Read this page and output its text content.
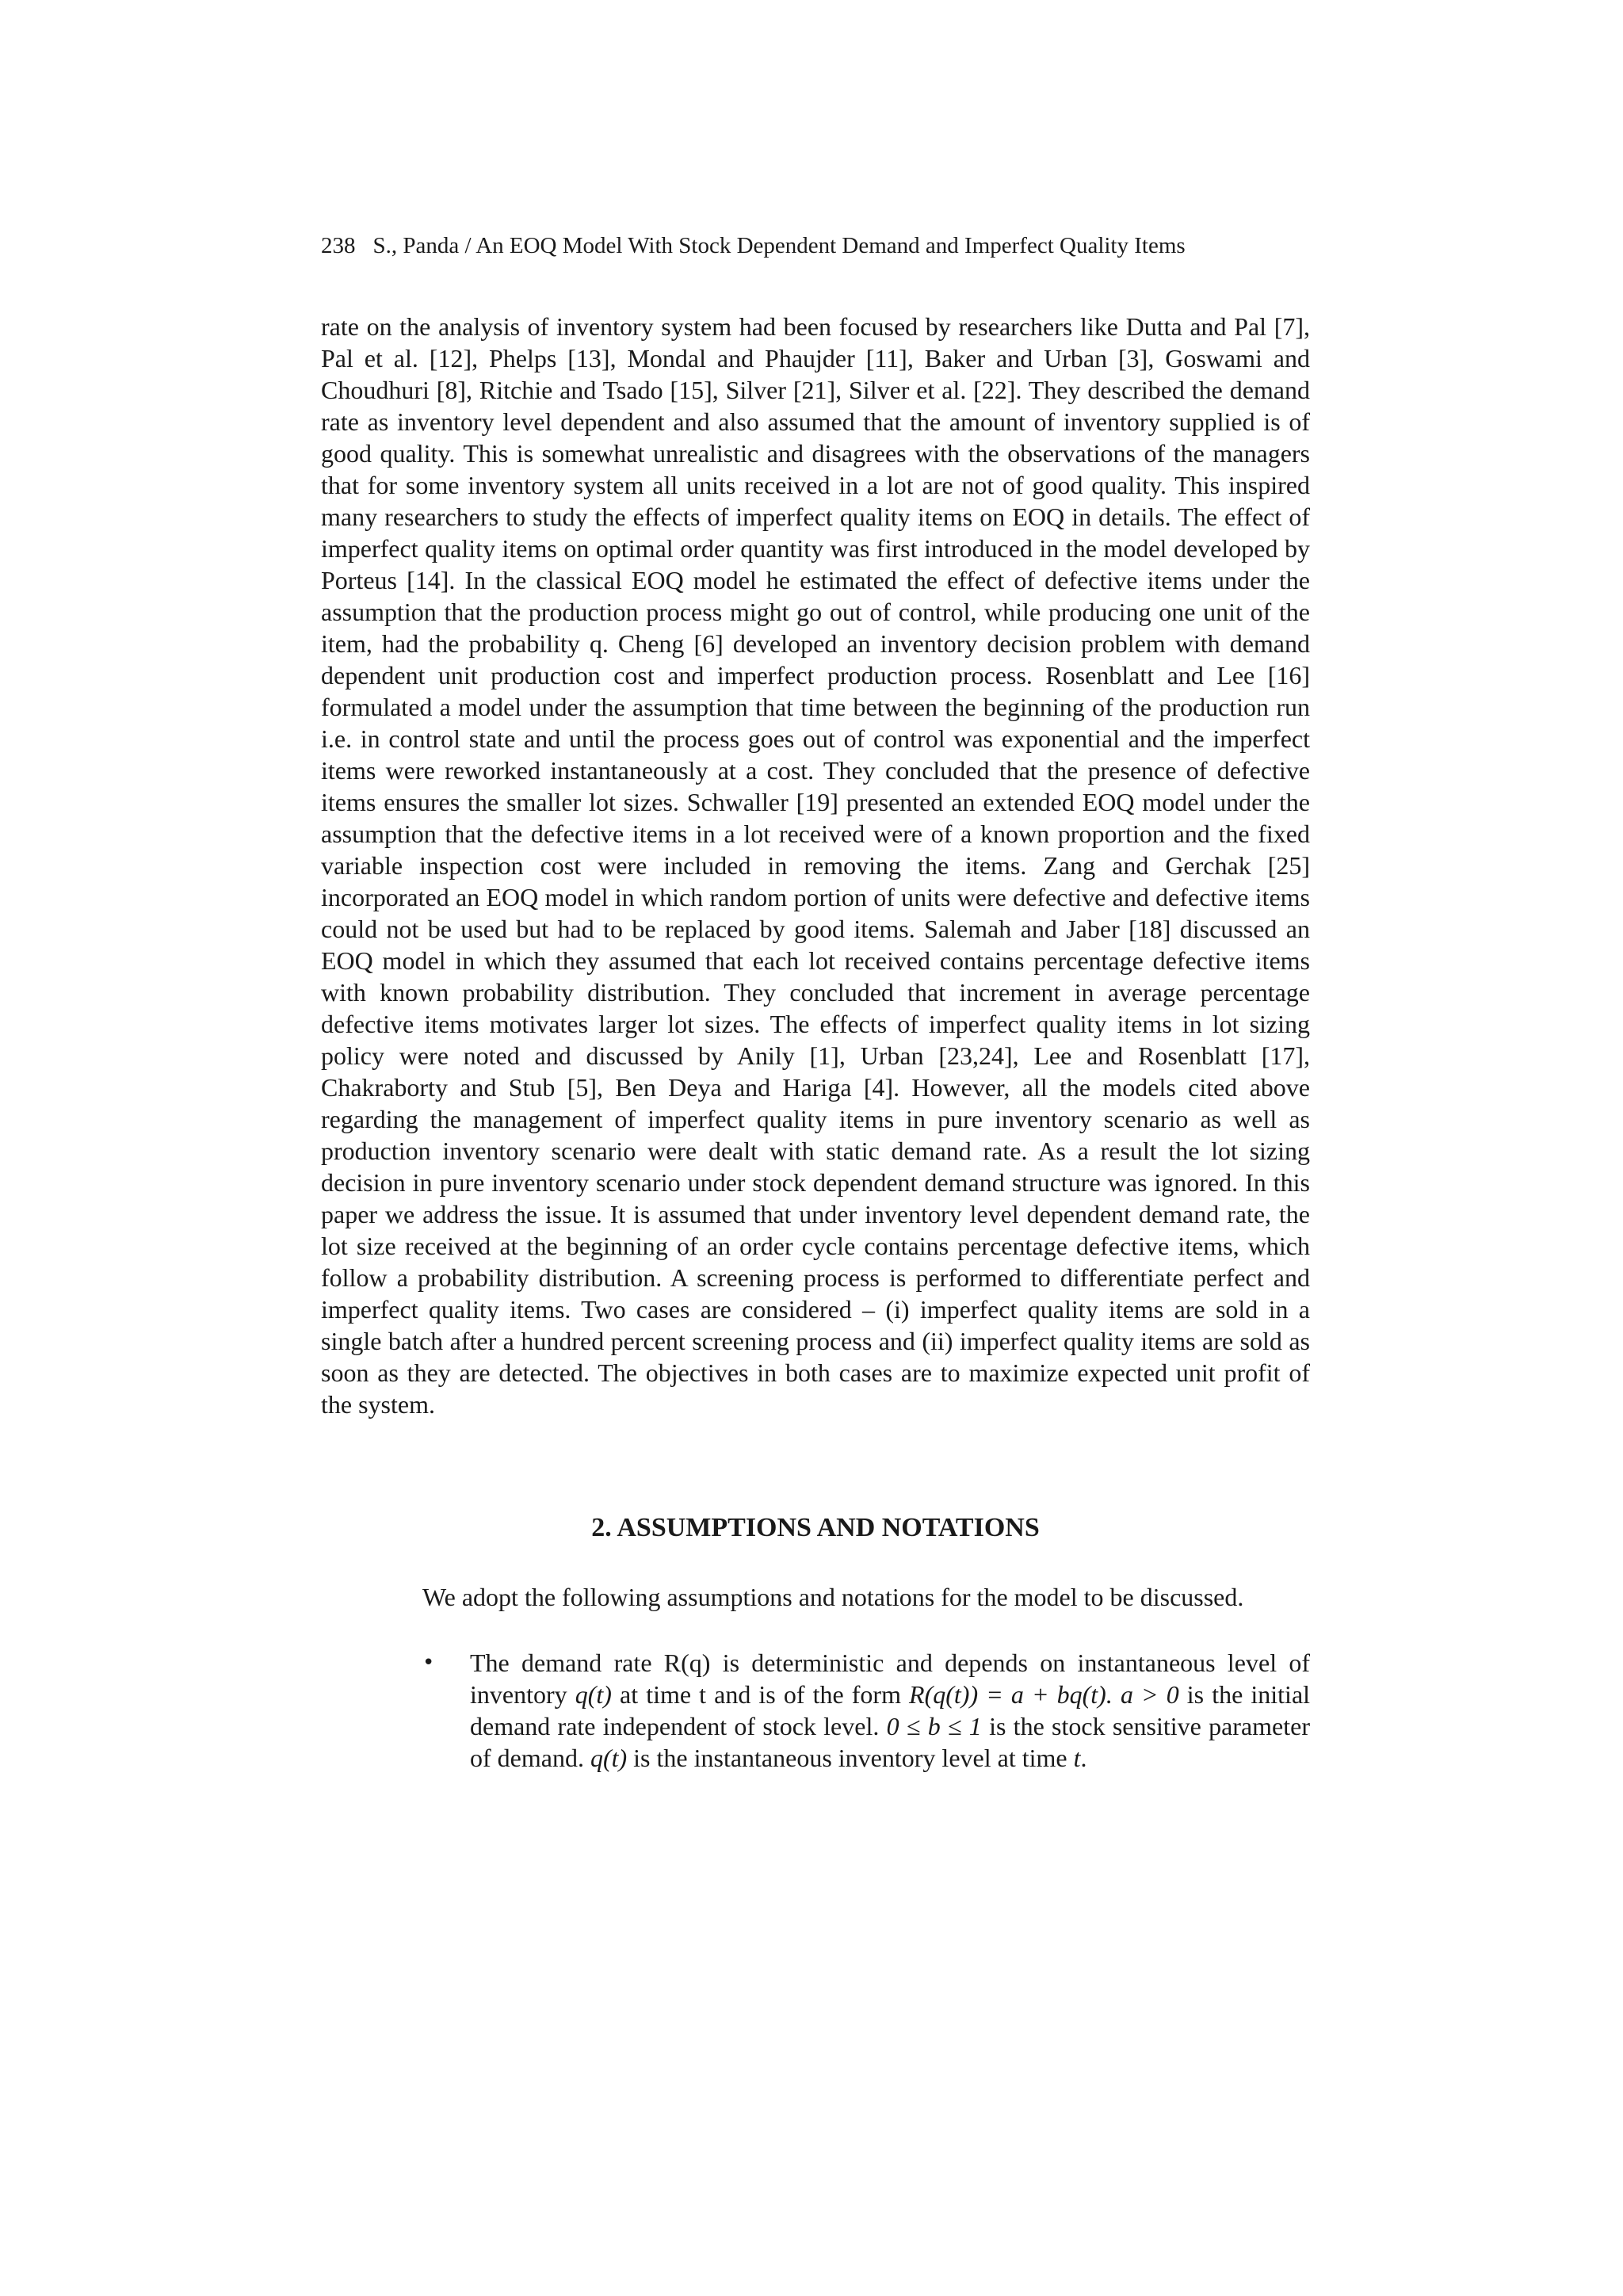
238 S., Panda / An EOQ Model With Stock Dependent Demand and Imperfect Quality Items

rate on the analysis of inventory system had been focused by researchers like Dutta and Pal [7], Pal et al. [12], Phelps [13], Mondal and Phaujder [11], Baker and Urban [3], Goswami and Choudhuri [8], Ritchie and Tsado [15], Silver [21], Silver et al. [22]. They described the demand rate as inventory level dependent and also assumed that the amount of inventory supplied is of good quality. This is somewhat unrealistic and disagrees with the observations of the managers that for some inventory system all units received in a lot are not of good quality. This inspired many researchers to study the effects of imperfect quality items on EOQ in details. The effect of imperfect quality items on optimal order quantity was first introduced in the model developed by Porteus [14]. In the classical EOQ model he estimated the effect of defective items under the assumption that the production process might go out of control, while producing one unit of the item, had the probability q. Cheng [6] developed an inventory decision problem with demand dependent unit production cost and imperfect production process. Rosenblatt and Lee [16] formulated a model under the assumption that time between the beginning of the production run i.e. in control state and until the process goes out of control was exponential and the imperfect items were reworked instantaneously at a cost. They concluded that the presence of defective items ensures the smaller lot sizes. Schwaller [19] presented an extended EOQ model under the assumption that the defective items in a lot received were of a known proportion and the fixed variable inspection cost were included in removing the items. Zang and Gerchak [25] incorporated an EOQ model in which random portion of units were defective and defective items could not be used but had to be replaced by good items. Salemah and Jaber [18] discussed an EOQ model in which they assumed that each lot received contains percentage defective items with known probability distribution. They concluded that increment in average percentage defective items motivates larger lot sizes. The effects of imperfect quality items in lot sizing policy were noted and discussed by Anily [1], Urban [23,24], Lee and Rosenblatt [17], Chakraborty and Stub [5], Ben Deya and Hariga [4]. However, all the models cited above regarding the management of imperfect quality items in pure inventory scenario as well as production inventory scenario were dealt with static demand rate. As a result the lot sizing decision in pure inventory scenario under stock dependent demand structure was ignored. In this paper we address the issue. It is assumed that under inventory level dependent demand rate, the lot size received at the beginning of an order cycle contains percentage defective items, which follow a probability distribution. A screening process is performed to differentiate perfect and imperfect quality items. Two cases are considered – (i) imperfect quality items are sold in a single batch after a hundred percent screening process and (ii) imperfect quality items are sold as soon as they are detected. The objectives in both cases are to maximize expected unit profit of the system.

2. ASSUMPTIONS AND NOTATIONS

We adopt the following assumptions and notations for the model to be discussed.

• The demand rate R(q) is deterministic and depends on instantaneous level of inventory q(t) at time t and is of the form R(q(t)) = a + bq(t). a > 0 is the initial demand rate independent of stock level. 0 ≤ b ≤ 1 is the stock sensitive parameter of demand. q(t) is the instantaneous inventory level at time t.
